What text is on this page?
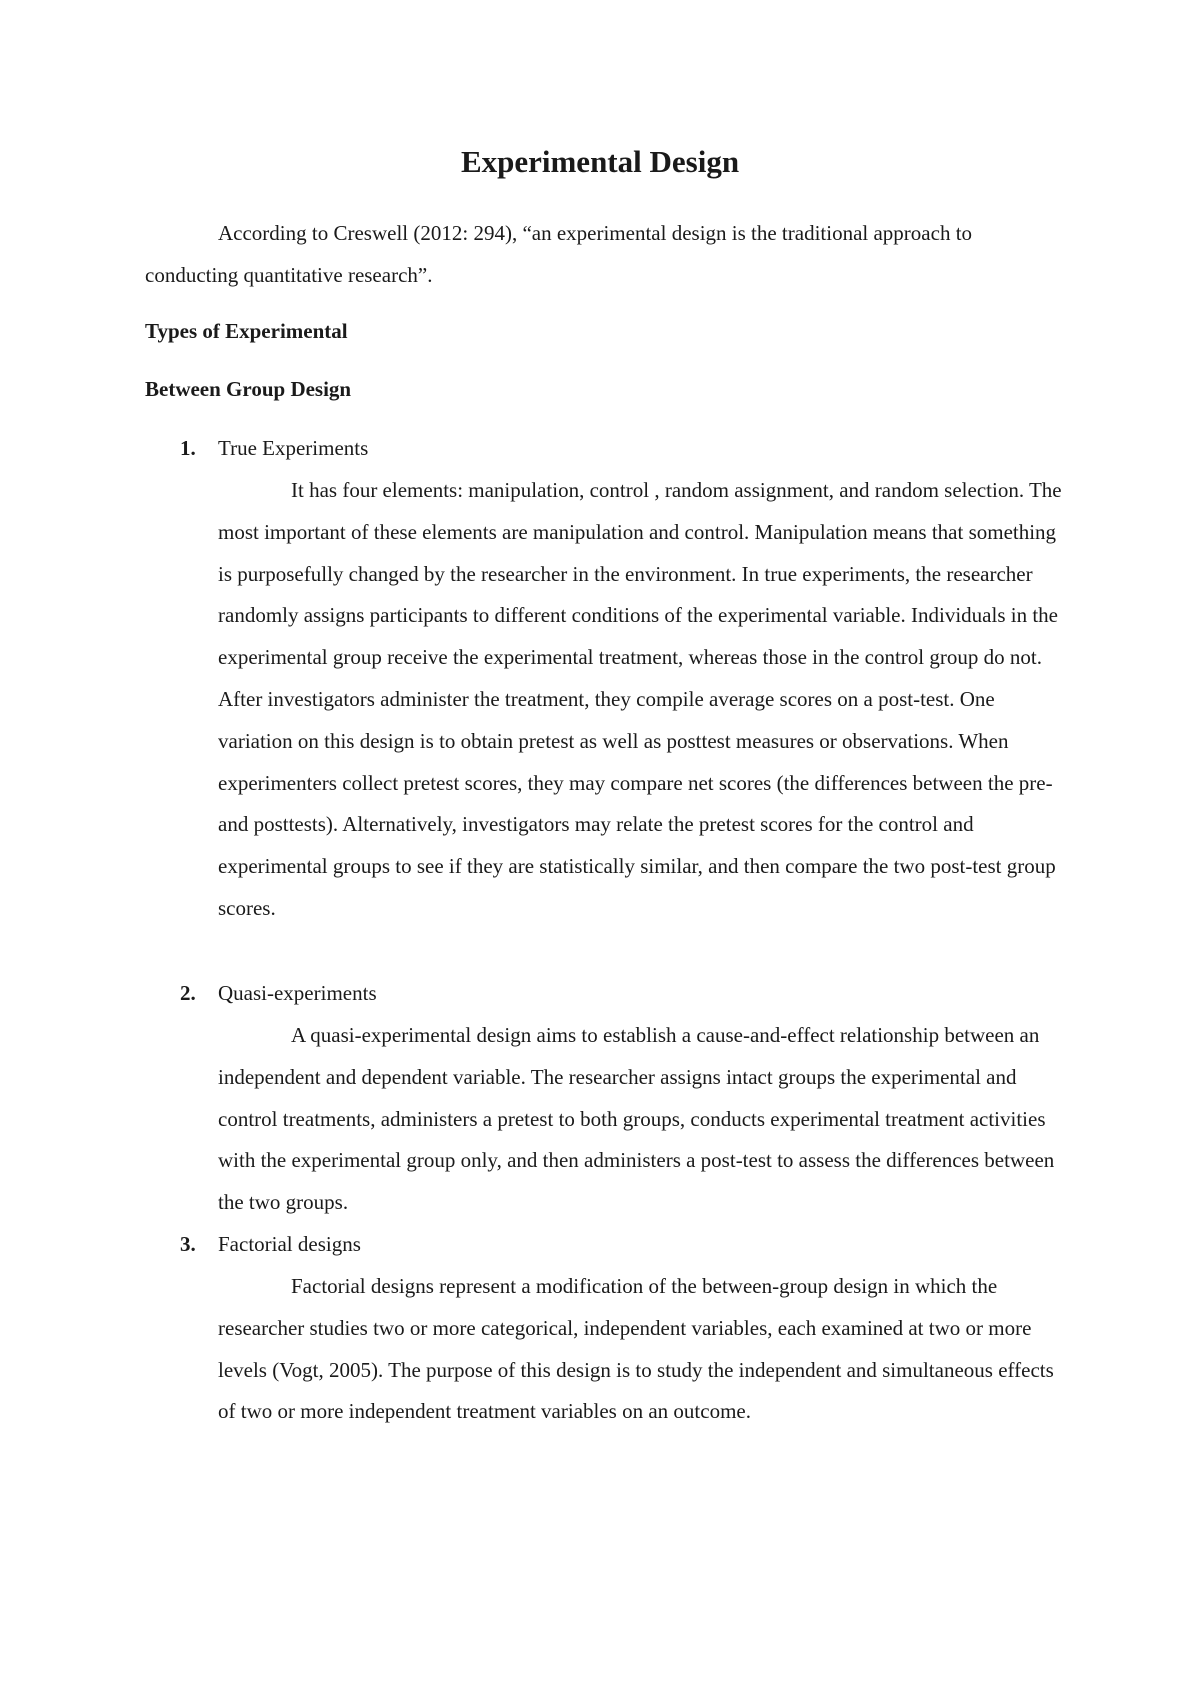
Experimental Design

According to Creswell (2012: 294), “an experimental design is the traditional approach to conducting quantitative research”.

Types of Experimental
Between Group Design
1. True Experiments

It has four elements: manipulation, control , random assignment, and random selection. The most important of these elements are manipulation and control. Manipulation means that something is purposefully changed by the researcher in the environment. In true experiments, the researcher randomly assigns participants to different conditions of the experimental variable. Individuals in the experimental group receive the experimental treatment, whereas those in the control group do not. After investigators administer the treatment, they compile average scores on a post-test. One variation on this design is to obtain pretest as well as posttest measures or observations. When experimenters collect pretest scores, they may compare net scores (the differences between the pre- and posttests). Alternatively, investigators may relate the pretest scores for the control and experimental groups to see if they are statistically similar, and then compare the two post-test group scores.

2. Quasi-experiments

A quasi-experimental design aims to establish a cause-and-effect relationship between an independent and dependent variable. The researcher assigns intact groups the experimental and control treatments, administers a pretest to both groups, conducts experimental treatment activities with the experimental group only, and then administers a post-test to assess the differences between the two groups.

3. Factorial designs

Factorial designs represent a modification of the between-group design in which the researcher studies two or more categorical, independent variables, each examined at two or more levels (Vogt, 2005). The purpose of this design is to study the independent and simultaneous effects of two or more independent treatment variables on an outcome.
